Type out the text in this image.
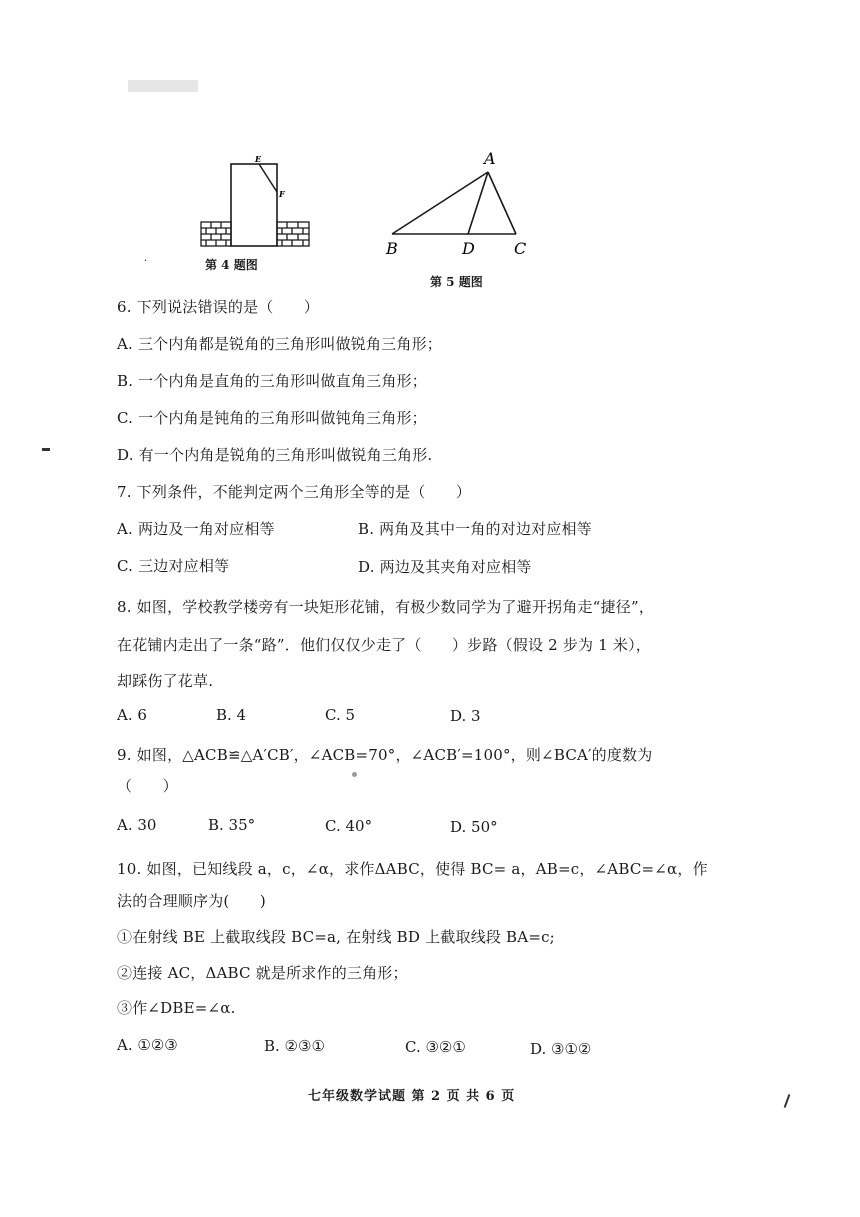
E
F
第 4 题图
·
A
B	D C
第 5 题图
6. 下列说法错误的是（　　）
A. 三个内角都是锐角的三角形叫做锐角三角形；
B. 一个内角是直角的三角形叫做直角三角形；
C. 一个内角是钝角的三角形叫做钝角三角形；
D. 有一个内角是锐角的三角形叫做锐角三角形.
7. 下列条件，不能判定两个三角形全等的是（　　）
A. 两边及一角对应相等	B. 两角及其中一角的对边对应相等
C. 三边对应相等	D. 两边及其夹角对应相等
8. 如图，学校教学楼旁有一块矩形花铺，有极少数同学为了避开拐角走“捷径”，
在花铺内走出了一条“路”．他们仅仅少走了（　　）步路（假设 2 步为 1 米），
却踩伤了花草.
A. 6	B. 4	C. 5	D. 3
9. 如图，△ACB≌△A′CB′，∠ACB=70°，∠ACB′=100°，则∠BCA′的度数为
（　　）
A. 30	B. 35°	C. 40°	D. 50°
10. 如图，已知线段 a，c，∠α，求作ΔABC，使得 BC= a，AB=c，∠ABC=∠α，作
法的合理顺序为(　　)
①在射线 BE 上截取线段 BC=a, 在射线 BD 上截取线段 BA=c;
②连接 AC，ΔABC 就是所求作的三角形；
③作∠DBE=∠α.
A. ①②③	B. ②③①	C. ③②①	D. ③①②
七年级数学试题 第 2 页 共 6 页
